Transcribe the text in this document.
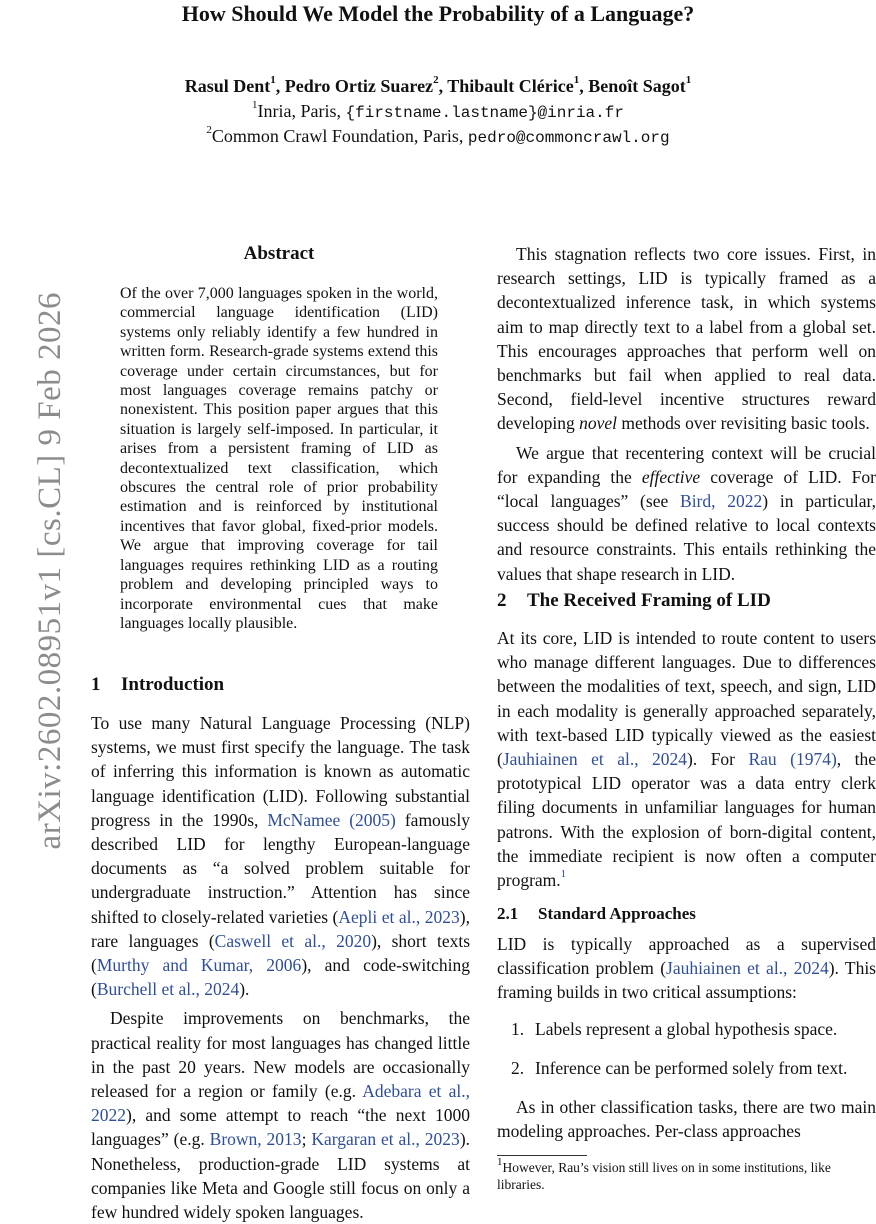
How Should We Model the Probability of a Language?
Rasul Dent$^1$, Pedro Ortiz Suarez$^2$, Thibault Clérice$^1$, Benoît Sagot$^1$
$^1$Inria, Paris, {firstname.lastname}@inria.fr
$^2$Common Crawl Foundation, Paris, pedro@commoncrawl.org
arXiv:2602.08951v1 [cs.CL] 9 Feb 2026
Abstract

Of the over 7,000 languages spoken in the world, commercial language identification (LID) systems only reliably identify a few hundred in written form. Research-grade systems extend this coverage under certain circumstances, but for most languages coverage remains patchy or nonexistent. This position paper argues that this situation is largely self-imposed. In particular, it arises from a persistent framing of LID as decontextualized text classification, which obscures the central role of prior probability estimation and is reinforced by institutional incentives that favor global, fixed-prior models. We argue that improving coverage for tail languages requires rethinking LID as a routing problem and developing principled ways to incorporate environmental cues that make languages locally plausible.

1 Introduction

To use many Natural Language Processing (NLP) systems, we must first specify the language. The task of inferring this information is known as automatic language identification (LID). Following substantial progress in the 1990s, McNamee (2005) famously described LID for lengthy European-language documents as “a solved problem suitable for undergraduate instruction.” Attention has since shifted to closely-related varieties (Aepli et al., 2023), rare languages (Caswell et al., 2020), short texts (Murthy and Kumar, 2006), and code-switching (Burchell et al., 2024).

Despite improvements on benchmarks, the practical reality for most languages has changed little in the past 20 years. New models are occasionally released for a region or family (e.g. Adebara et al., 2022), and some attempt to reach “the next 1000 languages” (e.g. Brown, 2013; Kargaran et al., 2023). Nonetheless, production-grade LID systems at companies like Meta and Google still focus on only a few hundred widely spoken languages.

This stagnation reflects two core issues. First, in research settings, LID is typically framed as a decontextualized inference task, in which systems aim to map directly text to a label from a global set. This encourages approaches that perform well on benchmarks but fail when applied to real data. Second, field-level incentive structures reward developing novel methods over revisiting basic tools.

We argue that recentering context will be crucial for expanding the effective coverage of LID. For “local languages” (see Bird, 2022) in particular, success should be defined relative to local contexts and resource constraints. This entails rethinking the values that shape research in LID.

2 The Received Framing of LID

At its core, LID is intended to route content to users who manage different languages. Due to differences between the modalities of text, speech, and sign, LID in each modality is generally approached separately, with text-based LID typically viewed as the easiest (Jauhiainen et al., 2024). For Rau (1974), the prototypical LID operator was a data entry clerk filing documents in unfamiliar languages for human patrons. With the explosion of born-digital content, the immediate recipient is now often a computer program.$^1$

2.1 Standard Approaches

LID is typically approached as a supervised classification problem (Jauhiainen et al., 2024). This framing builds in two critical assumptions:

1. Labels represent a global hypothesis space.
2. Inference can be performed solely from text.

As in other classification tasks, there are two main modeling approaches. Per-class approaches

$^1$However, Rau’s vision still lives on in some institutions, like libraries.
